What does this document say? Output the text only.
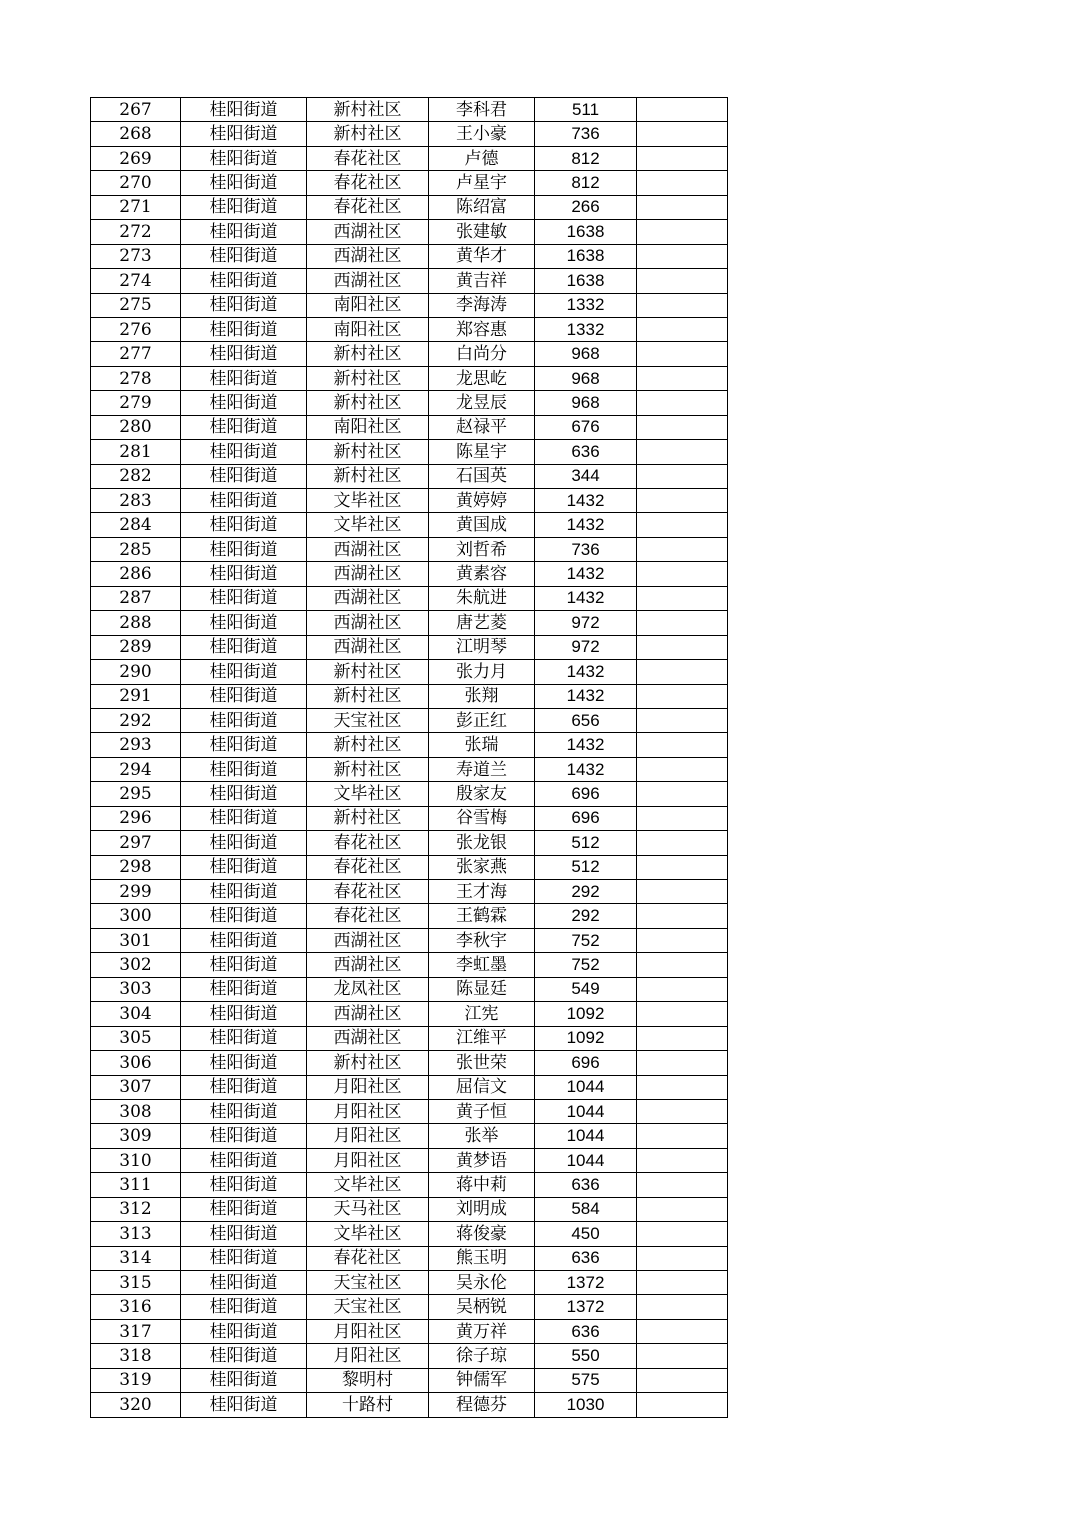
267	桂阳街道	新村社区	李科君	511	
268	桂阳街道	新村社区	王小豪	736	
269	桂阳街道	春花社区	卢德	812	
270	桂阳街道	春花社区	卢星宇	812	
271	桂阳街道	春花社区	陈绍富	266	
272	桂阳街道	西湖社区	张建敏	1638	
273	桂阳街道	西湖社区	黄华才	1638	
274	桂阳街道	西湖社区	黄吉祥	1638	
275	桂阳街道	南阳社区	李海涛	1332	
276	桂阳街道	南阳社区	郑容惠	1332	
277	桂阳街道	新村社区	白尚分	968	
278	桂阳街道	新村社区	龙思屹	968	
279	桂阳街道	新村社区	龙昱辰	968	
280	桂阳街道	南阳社区	赵禄平	676	
281	桂阳街道	新村社区	陈星宇	636	
282	桂阳街道	新村社区	石国英	344	
283	桂阳街道	文毕社区	黄婷婷	1432	
284	桂阳街道	文毕社区	黄国成	1432	
285	桂阳街道	西湖社区	刘哲希	736	
286	桂阳街道	西湖社区	黄素容	1432	
287	桂阳街道	西湖社区	朱航进	1432	
288	桂阳街道	西湖社区	唐艺菱	972	
289	桂阳街道	西湖社区	江明琴	972	
290	桂阳街道	新村社区	张力月	1432	
291	桂阳街道	新村社区	张翔	1432	
292	桂阳街道	天宝社区	彭正红	656	
293	桂阳街道	新村社区	张瑞	1432	
294	桂阳街道	新村社区	寿道兰	1432	
295	桂阳街道	文毕社区	殷家友	696	
296	桂阳街道	新村社区	谷雪梅	696	
297	桂阳街道	春花社区	张龙银	512	
298	桂阳街道	春花社区	张家燕	512	
299	桂阳街道	春花社区	王才海	292	
300	桂阳街道	春花社区	王鹤霖	292	
301	桂阳街道	西湖社区	李秋宇	752	
302	桂阳街道	西湖社区	李虹墨	752	
303	桂阳街道	龙凤社区	陈显廷	549	
304	桂阳街道	西湖社区	江宪	1092	
305	桂阳街道	西湖社区	江维平	1092	
306	桂阳街道	新村社区	张世荣	696	
307	桂阳街道	月阳社区	屈信文	1044	
308	桂阳街道	月阳社区	黄子恒	1044	
309	桂阳街道	月阳社区	张举	1044	
310	桂阳街道	月阳社区	黄梦语	1044	
311	桂阳街道	文毕社区	蒋中莉	636	
312	桂阳街道	天马社区	刘明成	584	
313	桂阳街道	文毕社区	蒋俊豪	450	
314	桂阳街道	春花社区	熊玉明	636	
315	桂阳街道	天宝社区	吴永伦	1372	
316	桂阳街道	天宝社区	吴柄锐	1372	
317	桂阳街道	月阳社区	黄万祥	636	
318	桂阳街道	月阳社区	徐子琼	550	
319	桂阳街道	黎明村	钟儒军	575	
320	桂阳街道	十路村	程德芬	1030	
